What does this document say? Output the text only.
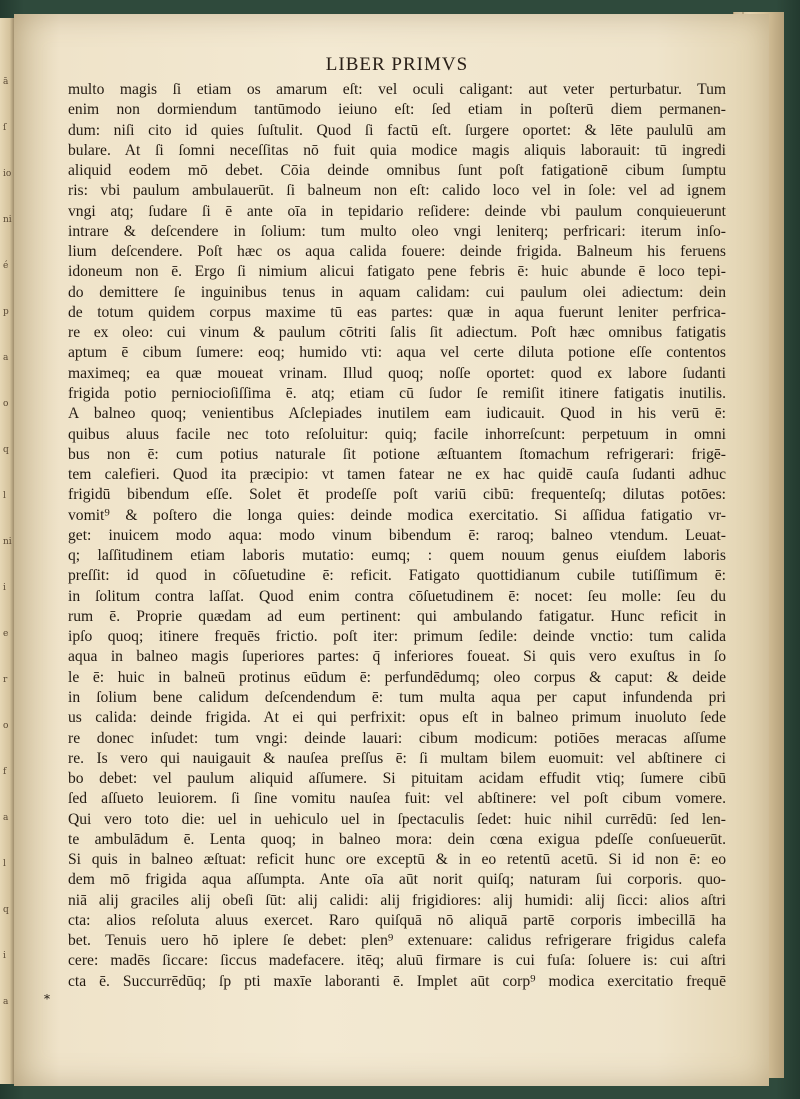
ā
ſ
io
ni
é
p
a
o
q
l
ni
i
e
r
o
f
a
l
q
i
a
LIBER PRIMVS
multo magis ſi etiam os amarum eſt: vel oculi caligant: aut veter perturbatur. Tum
enim non dormiendum tantūmodo ieiuno eſt: ſed etiam in poſterū diem permanen-
dum: niſi cito id quies ſuſtulit. Quod ſi factū eſt. ſurgere oportet: & lēte paululū am
bulare. At ſi ſomni neceſſitas nō fuit quia modice magis aliquis laborauit: tū ingredi
aliquid eodem mō debet. Cōia deinde omnibus ſunt poſt fatigationē cibum ſumptu
ris: vbi paulum ambulauerūt. ſi balneum non eſt: calido loco vel in ſole: vel ad ignem
vngi atq; ſudare ſi ē ante oīa in tepidario reſidere: deinde vbi paulum conquieuerunt
intrare & deſcendere in ſolium: tum multo oleo vngi leniterq; perfricari: iterum inſo-
lium deſcendere. Poſt hæc os aqua calida fouere: deinde frigida. Balneum his feruens
idoneum non ē. Ergo ſi nimium alicui fatigato pene febris ē: huic abunde ē loco tepi-
do demittere ſe inguinibus tenus in aquam calidam: cui paulum olei adiectum: dein
de totum quidem corpus maxime tū eas partes: quæ in aqua fuerunt leniter perfrica-
re ex oleo: cui vinum & paulum cōtriti ſalis ſit adiectum. Poſt hæc omnibus fatigatis
aptum ē cibum ſumere: eoq; humido vti: aqua vel certe diluta potione eſſe contentos
maximeq; ea quæ moueat vrinam. Illud quoq; noſſe oportet: quod ex labore ſudanti
frigida potio perniocioſiſſima ē. atq; etiam cū ſudor ſe remiſit itinere fatigatis inutilis.
A balneo quoq; venientibus Aſclepiades inutilem eam iudicauit. Quod in his verū ē:
quibus aluus facile nec toto reſoluitur: quiq; facile inhorreſcunt: perpetuum in omni
bus non ē: cum potius naturale ſit potione æſtuantem ſtomachum refrigerari: frigē-
tem calefieri. Quod ita præcipio: vt tamen fatear ne ex hac quidē cauſa ſudanti adhuc
frigidū bibendum eſſe. Solet ēt prodeſſe poſt variū cibū: frequenteſq; dilutas potōes:
vomit⁹ & poſtero die longa quies: deinde modica exercitatio. Si aſſidua fatigatio vr-
get: inuicem modo aqua: modo vinum bibendum ē: raroq; balneo vtendum. Leuat-
q; laſſitudinem etiam laboris mutatio: eumq; : quem nouum genus eiuſdem laboris
preſſit: id quod in cōſuetudine ē: reficit. Fatigato quottidianum cubile tutiſſimum ē:
in ſolitum contra laſſat. Quod enim contra cōſuetudinem ē: nocet: ſeu molle: ſeu du
rum ē. Proprie quædam ad eum pertinent: qui ambulando fatigatur. Hunc reficit in
ipſo quoq; itinere frequēs frictio. poſt iter: primum ſedile: deinde vnctio: tum calida
aqua in balneo magis ſuperiores partes: q̄ inferiores foueat. Si quis vero exuſtus in ſo
le ē: huic in balneū protinus eūdum ē: perfundēdumq; oleo corpus & caput: & deide
in ſolium bene calidum deſcendendum ē: tum multa aqua per caput infundenda pri
us calida: deinde frigida. At ei qui perfrixit: opus eſt in balneo primum inuoluto ſede
re donec inſudet: tum vngi: deinde lauari: cibum modicum: potiōes meracas aſſume
re. Is vero qui nauigauit & nauſea preſſus ē: ſi multam bilem euomuit: vel abſtinere ci
bo debet: vel paulum aliquid aſſumere. Si pituitam acidam effudit vtiq; ſumere cibū
ſed aſſueto leuiorem. ſi ſine vomitu nauſea fuit: vel abſtinere: vel poſt cibum vomere.
Qui vero toto die: uel in uehiculo uel in ſpectaculis ſedet: huic nihil currēdū: ſed len-
te ambulādum ē. Lenta quoq; in balneo mora: dein cœna exigua pdeſſe conſueuerūt.
Si quis in balneo æſtuat: reficit hunc ore exceptū & in eo retentū acetū. Si id non ē: eo
dem mō frigida aqua aſſumpta. Ante oīa aūt norit quiſq; naturam ſui corporis. quo-
niā alij graciles alij obeſi ſūt: alij calidi: alij frigidiores: alij humidi: alij ſicci: alios aſtri
cta: alios reſoluta aluus exercet. Raro quiſquā nō aliquā partē corporis imbecillā ha
bet. Tenuis uero hō iplere ſe debet: plen⁹ extenuare: calidus refrigerare frigidus calefa
cere: madēs ſiccare: ſiccus madefacere. itēq; aluū firmare is cui fuſa: ſoluere is: cui aſtri
cta ē. Succurrēdūq; ſp pti maxīe laboranti ē. Implet aūt corp⁹ modica exercitatio frequē
*
